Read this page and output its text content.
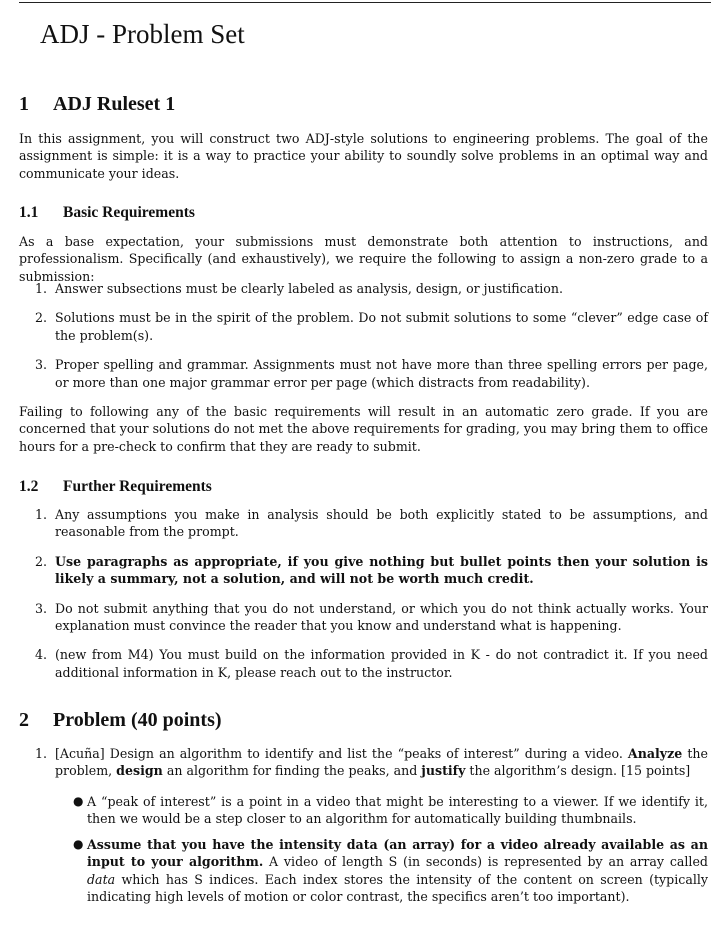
ADJ - Problem Set
1 ADJ Ruleset 1

In this assignment, you will construct two ADJ-style solutions to engineering problems. The goal of the assignment is simple: it is a way to practice your ability to soundly solve problems in an optimal way and communicate your ideas.

1.1 Basic Requirements

As a base expectation, your submissions must demonstrate both attention to instructions, and professionalism. Specifically (and exhaustively), we require the following to assign a non-zero grade to a submission:

1. Answer subsections must be clearly labeled as analysis, design, or justification.
2. Solutions must be in the spirit of the problem. Do not submit solutions to some “clever” edge case of the problem(s).
3. Proper spelling and grammar. Assignments must not have more than three spelling errors per page, or more than one major grammar error per page (which distracts from readability).

Failing to following any of the basic requirements will result in an automatic zero grade. If you are concerned that your solutions do not met the above requirements for grading, you may bring them to office hours for a pre-check to confirm that they are ready to submit.

1.2 Further Requirements
1. Any assumptions you make in analysis should be both explicitly stated to be assumptions, and reasonable from the prompt.
2. Use paragraphs as appropriate, if you give nothing but bullet points then your solution is likely a summary, not a solution, and will not be worth much credit.
3. Do not submit anything that you do not understand, or which you do not think actually works. Your explanation must convince the reader that you know and understand what is happening.
4. (new from M4) You must build on the information provided in K - do not contradict it. If you need additional information in K, please reach out to the instructor.
2 Problem (40 points)
1. [Acuña] Design an algorithm to identify and list the “peaks of interest” during a video. Analyze the problem, design an algorithm for finding the peaks, and justify the algorithm’s design. [15 points]
● A “peak of interest” is a point in a video that might be interesting to a viewer. If we identify it, then we would be a step closer to an algorithm for automatically building thumbnails.
● Assume that you have the intensity data (an array) for a video already available as an input to your algorithm. A video of length S (in seconds) is represented by an array called data which has S indices. Each index stores the intensity of the content on screen (typically indicating high levels of motion or color contrast, the specifics aren’t too important).
